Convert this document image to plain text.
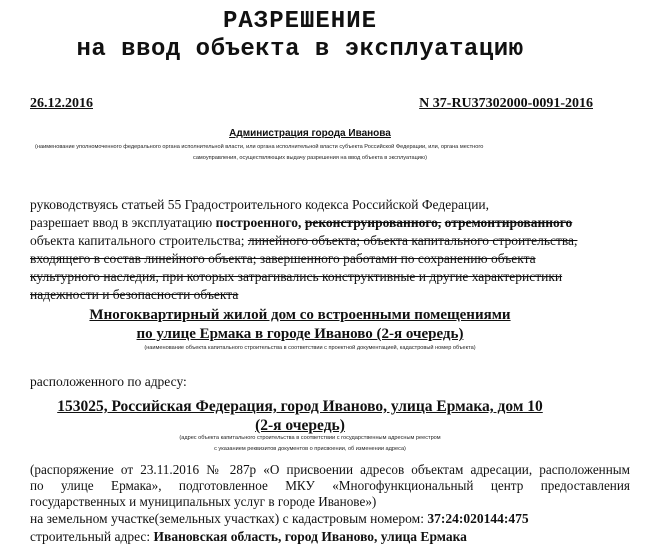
РАЗРЕШЕНИЕ
на ввод объекта в эксплуатацию
26.12.2016	N 37-RU37302000-0091-2016
Администрация города Иванова
(наименование уполномоченного федерального органа исполнительной власти, или органа исполнительной власти субъекта Российской Федерации, или, органа местного
самоуправления, осуществляющих выдачу разрешения на ввод объекта в эксплуатацию)
руководствуясь статьей 55 Градостроительного кодекса Российской Федерации,
разрешает ввод в эксплуатацию построенного, реконструированного, отремонтированного
объекта капитального строительства; линейного объекта; объекта капитального строительства,
входящего в состав линейного объекта; завершенного работами по сохранению объекта
культурного наследия, при которых затрагивались конструктивные и другие характеристики
надежности и безопасности объекта
Многоквартирный жилой дом со встроенными помещениями
по улице Ермака в городе Иваново (2-я очередь)
(наименование объекта капитального строительства в соответствии с проектной документацией, кадастровый номер объекта)
расположенного по адресу:
153025, Российская Федерация, город Иваново, улица Ермака, дом 10
(2-я очередь)
(адрес объекта капитального строительства в соответствии с государственным адресным реестром
с указанием реквизитов документов о присвоении, об изменении адреса)
(распоряжение от 23.11.2016 № 287р «О присвоении адресов объектам адресации, расположенным
по улице Ермака», подготовленное МКУ «Многофункциональный центр предоставления
государственных и муниципальных услуг в городе Иванове»)
на земельном участке(земельных участках) с кадастровым номером: 37:24:020144:475
строительный адрес: Ивановская область, город Иваново, улица Ермака
